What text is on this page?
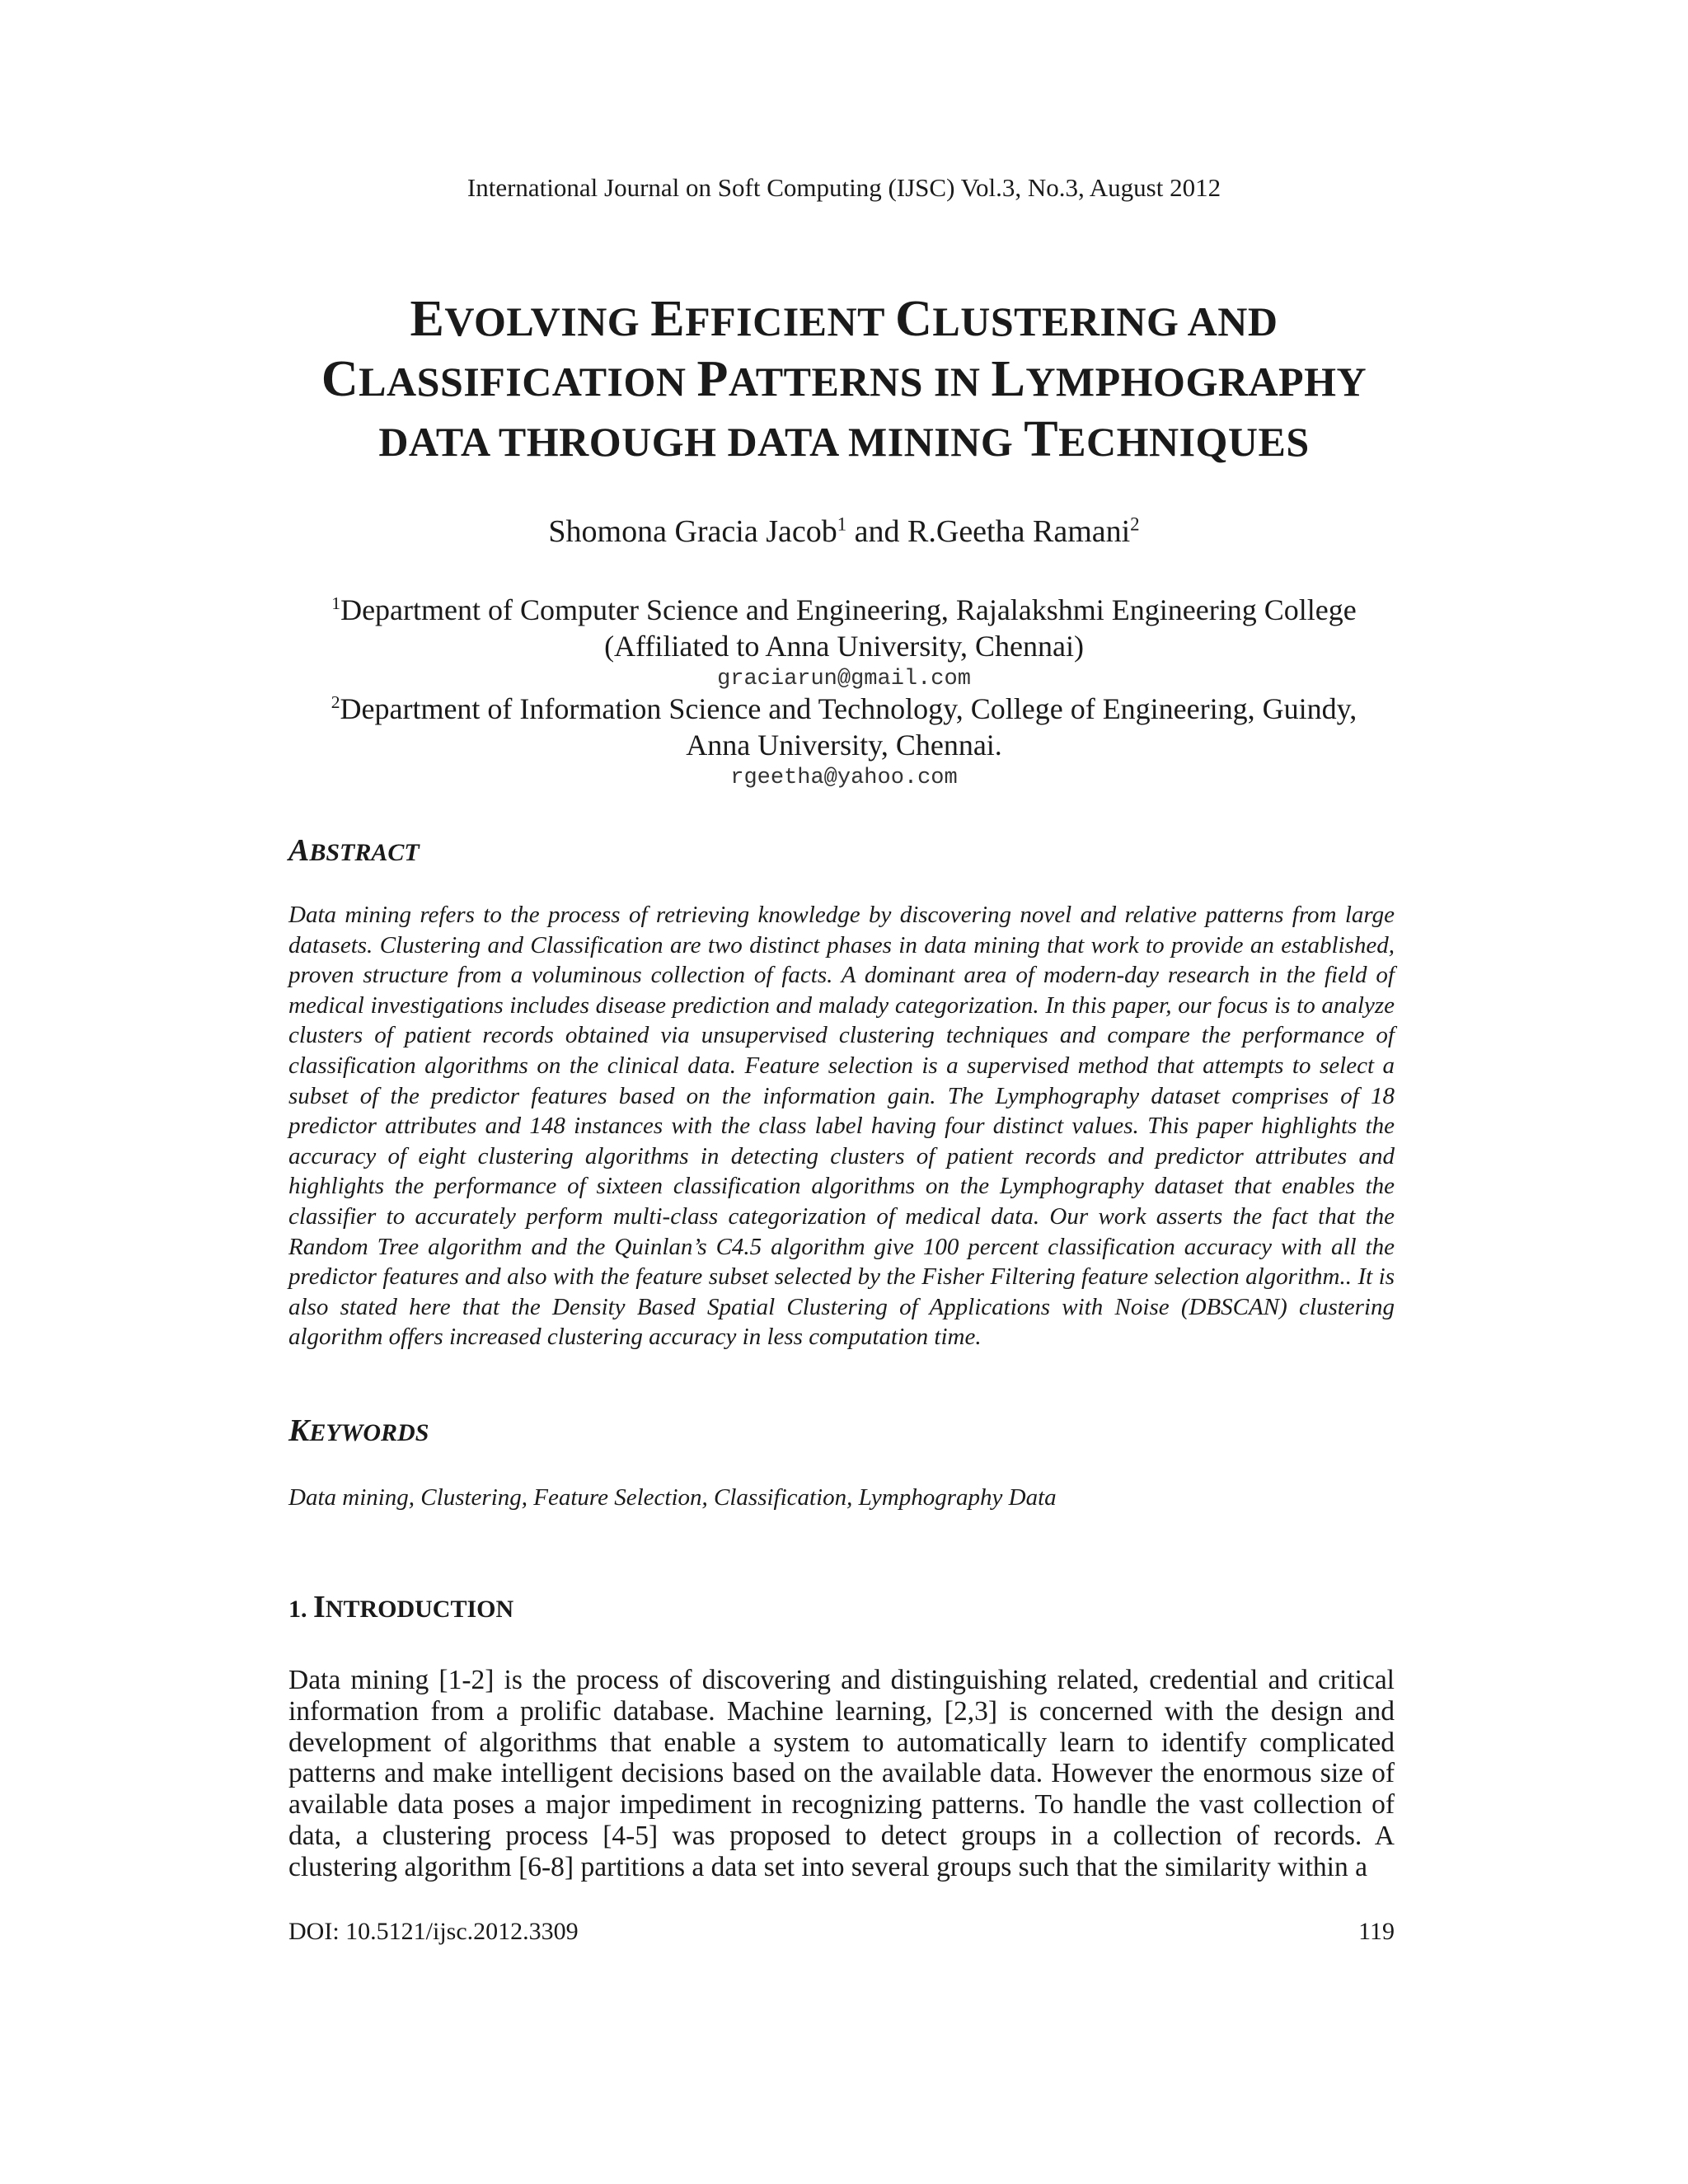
International Journal on Soft Computing (IJSC) Vol.3, No.3, August 2012
EVOLVING EFFICIENT CLUSTERING AND
CLASSIFICATION PATTERNS IN LYMPHOGRAPHY
DATA THROUGH DATA MINING TECHNIQUES
Shomona Gracia Jacob$^1$ and R.Geetha Ramani$^2$
$^1$Department of Computer Science and Engineering, Rajalakshmi Engineering College
(Affiliated to Anna University, Chennai)
graciarun@gmail.com
$^2$Department of Information Science and Technology, College of Engineering, Guindy,
Anna University, Chennai.
rgeetha@yahoo.com
ABSTRACT

Data mining refers to the process of retrieving knowledge by discovering novel and relative patterns from large datasets. Clustering and Classification are two distinct phases in data mining that work to provide an established, proven structure from a voluminous collection of facts. A dominant area of modern-day research in the field of medical investigations includes disease prediction and malady categorization. In this paper, our focus is to analyze clusters of patient records obtained via unsupervised clustering techniques and compare the performance of classification algorithms on the clinical data. Feature selection is a supervised method that attempts to select a subset of the predictor features based on the information gain. The Lymphography dataset comprises of 18 predictor attributes and 148 instances with the class label having four distinct values. This paper highlights the accuracy of eight clustering algorithms in detecting clusters of patient records and predictor attributes and highlights the performance of sixteen classification algorithms on the Lymphography dataset that enables the classifier to accurately perform multi-class categorization of medical data. Our work asserts the fact that the Random Tree algorithm and the Quinlan’s C4.5 algorithm give 100 percent classification accuracy with all the predictor features and also with the feature subset selected by the Fisher Filtering feature selection algorithm.. It is also stated here that the Density Based Spatial Clustering of Applications with Noise (DBSCAN) clustering algorithm offers increased clustering accuracy in less computation time.

KEYWORDS

Data mining, Clustering, Feature Selection, Classification, Lymphography Data

1. INTRODUCTION

Data mining [1-2] is the process of discovering and distinguishing related, credential and critical information from a prolific database. Machine learning, [2,3] is concerned with the design and development of algorithms that enable a system to automatically learn to identify complicated patterns and make intelligent decisions based on the available data. However the enormous size of available data poses a major impediment in recognizing patterns. To handle the vast collection of data, a clustering process [4-5] was proposed to detect groups in a collection of records. A clustering algorithm [6-8] partitions a data set into several groups such that the similarity within a

DOI: 10.5121/ijsc.2012.3309	119
